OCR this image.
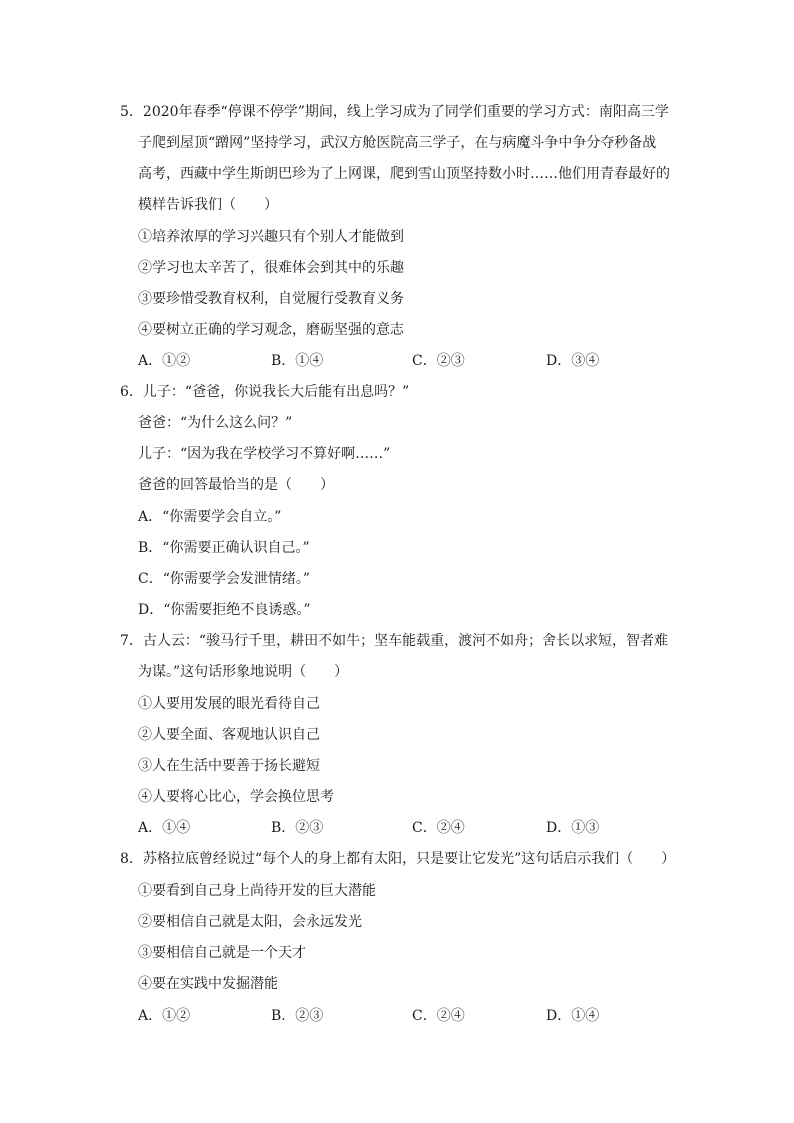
5．2020年春季“停课不停学”期间，线上学习成为了同学们重要的学习方式：南阳高三学
子爬到屋顶“蹭网”坚持学习，武汉方舱医院高三学子，在与病魔斗争中争分夺秒备战
高考，西藏中学生斯朗巴珍为了上网课，爬到雪山顶坚持数小时……他们用青春最好的
模样告诉我们（　　）
①培养浓厚的学习兴趣只有个别人才能做到
②学习也太辛苦了，很难体会到其中的乐趣
③要珍惜受教育权利，自觉履行受教育义务
④要树立正确的学习观念，磨砺坚强的意志
A．①②	B．①④	C．②③	D．③④
6．儿子：“爸爸，你说我长大后能有出息吗？”
爸爸：“为什么这么问？”
儿子：“因为我在学校学习不算好啊……”
爸爸的回答最恰当的是（　　）
A．“你需要学会自立。”
B．“你需要正确认识自己。”
C．“你需要学会发泄情绪。”
D．“你需要拒绝不良诱惑。”
7．古人云：“骏马行千里，耕田不如牛；坚车能载重，渡河不如舟；舍长以求短，智者难
为谋。”这句话形象地说明（　　）
①人要用发展的眼光看待自己
②人要全面、客观地认识自己
③人在生活中要善于扬长避短
④人要将心比心，学会换位思考
A．①④	B．②③	C．②④	D．①③
8．苏格拉底曾经说过“每个人的身上都有太阳，只是要让它发光”这句话启示我们（　　）
①要看到自己身上尚待开发的巨大潜能
②要相信自己就是太阳，会永远发光
③要相信自己就是一个天才
④要在实践中发掘潜能
A．①②	B．②③	C．②④	D．①④
